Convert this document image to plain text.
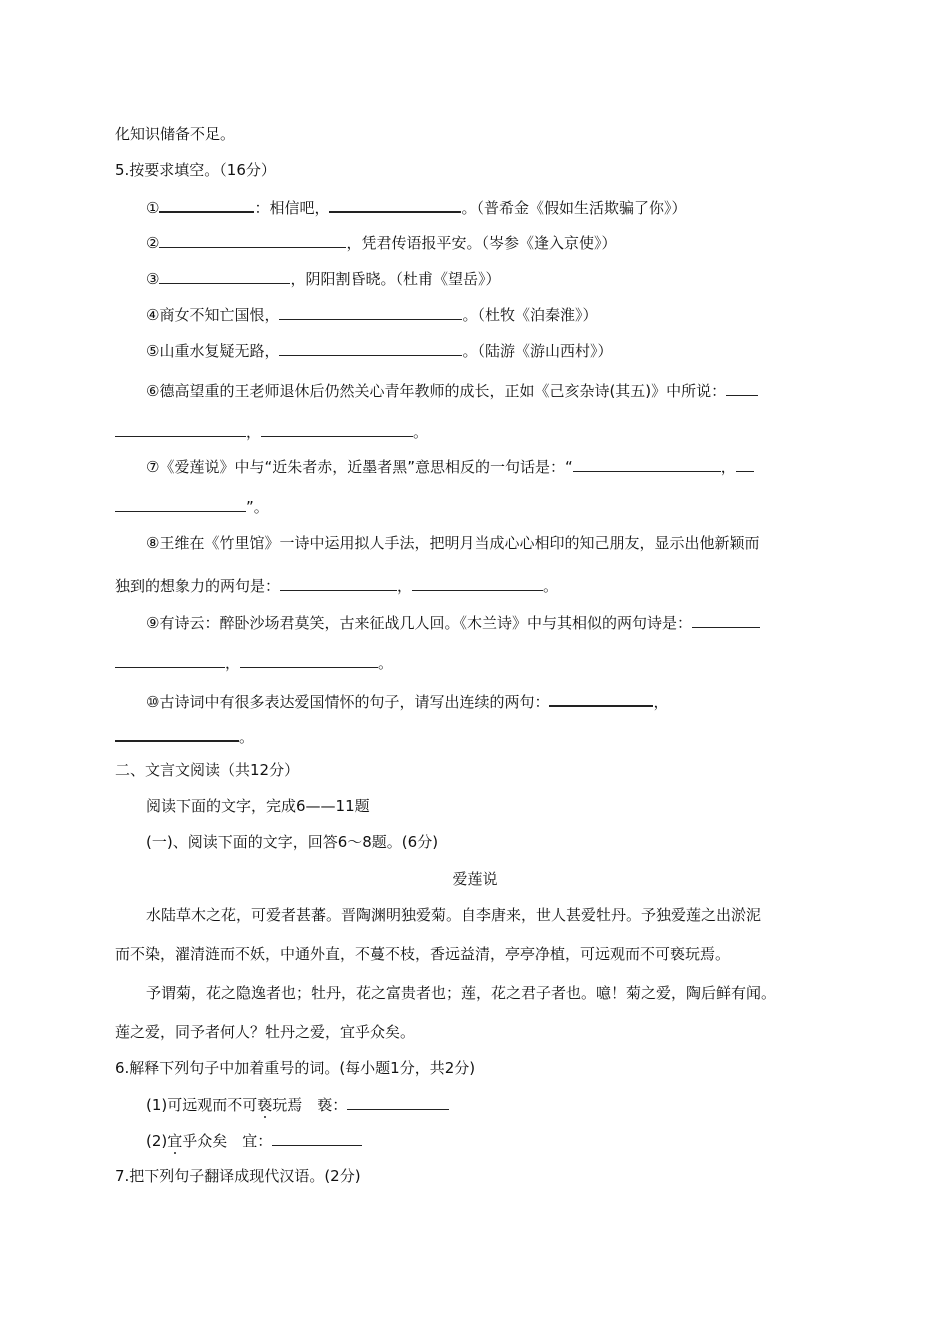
化知识储备不足。
5.按要求填空。（16分）
①	：相信吧，	。（普希金《假如生活欺骗了你》）
②	，凭君传语报平安。（岑参《逢入京使》）
③	，阴阳割昏晓。（杜甫《望岳》）
④商女不知亡国恨，	。（杜牧《泊秦淮》）
⑤山重水复疑无路，	。（陆游《游山西村》）
⑥德高望重的王老师退休后仍然关心青年教师的成长，正如《己亥杂诗(其五)》中所说：
，	。
⑦《爱莲说》中与“近朱者赤，近墨者黑”意思相反的一句话是：“	，
”。
⑧王维在《竹里馆》一诗中运用拟人手法，把明月当成心心相印的知己朋友，显示出他新颖而
独到的想象力的两句是：	，	。
⑨有诗云：醉卧沙场君莫笑，古来征战几人回。《木兰诗》中与其相似的两句诗是：
，	。
⑩古诗词中有很多表达爱国情怀的句子，请写出连续的两句：	，
。
二、文言文阅读（共12分）
阅读下面的文字，完成6——11题
(一)、阅读下面的文字，回答6～8题。(6分)
爱莲说
水陆草木之花，可爱者甚蕃。晋陶渊明独爱菊。自李唐来，世人甚爱牡丹。予独爱莲之出淤泥
而不染，濯清涟而不妖，中通外直，不蔓不枝，香远益清，亭亭净植，可远观而不可亵玩焉。
予谓菊，花之隐逸者也；牡丹，花之富贵者也；莲，花之君子者也。噫！菊之爱，陶后鲜有闻。
莲之爱，同予者何人？牡丹之爱，宜乎众矣。
6.解释下列句子中加着重号的词。(每小题1分，共2分)
(1)可远观而不可亵玩焉　亵：
(2)宜乎众矣　宜：
7.把下列句子翻译成现代汉语。(2分)
